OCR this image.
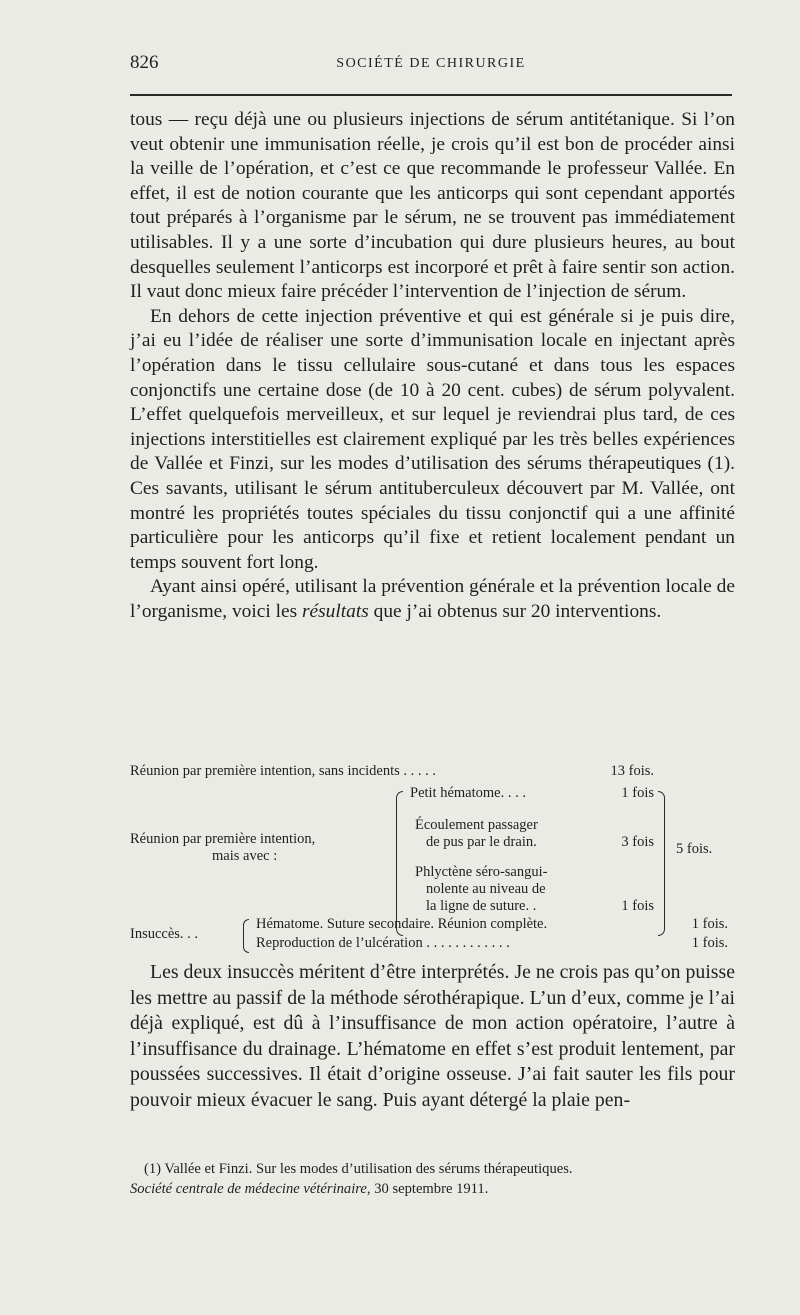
826	SOCIÉTÉ DE CHIRURGIE

tous — reçu déjà une ou plusieurs injections de sérum antitétanique. Si l’on veut obtenir une immunisation réelle, je crois qu’il est bon de procéder ainsi la veille de l’opération, et c’est ce que recommande le professeur Vallée. En effet, il est de notion courante que les anticorps qui sont cependant apportés tout préparés à l’organisme par le sérum, ne se trouvent pas immédiatement utilisables. Il y a une sorte d’incubation qui dure plusieurs heures, au bout desquelles seulement l’anticorps est incorporé et prêt à faire sentir son action. Il vaut donc mieux faire précéder l’intervention de l’injection de sérum.

En dehors de cette injection préventive et qui est générale si je puis dire, j’ai eu l’idée de réaliser une sorte d’immunisation locale en injectant après l’opération dans le tissu cellulaire sous-cutané et dans tous les espaces conjonctifs une certaine dose (de 10 à 20 cent. cubes) de sérum polyvalent. L’effet quelquefois merveilleux, et sur lequel je reviendrai plus tard, de ces injections interstitielles est clairement expliqué par les très belles expériences de Vallée et Finzi, sur les modes d’utilisation des sérums thérapeutiques (1). Ces savants, utilisant le sérum antituberculeux découvert par M. Vallée, ont montré les propriétés toutes spéciales du tissu conjonctif qui a une affinité particulière pour les anticorps qu’il fixe et retient localement pendant un temps souvent fort long.

Ayant ainsi opéré, utilisant la prévention générale et la prévention locale de l’organisme, voici les résultats que j’ai obtenus sur 20 interventions.

Réunion par première intention, sans incidents . . . . .	13 fois.
Réunion par première intention,
mais avec :
Petit hématome. . . .	1 fois
Écoulement passager
de pus par le drain.	3 fois
Phlyctène séro-sangui-
nolente au niveau de
la ligne de suture. .	1 fois
5 fois.
Insuccès. . .
Hématome. Suture secondaire. Réunion complète.	1 fois.
Reproduction de l’ulcération . . . . . . . . . . . .	1 fois.

Les deux insuccès méritent d’être interprétés. Je ne crois pas qu’on puisse les mettre au passif de la méthode sérothérapique. L’un d’eux, comme je l’ai déjà expliqué, est dû à l’insuffisance de mon action opératoire, l’autre à l’insuffisance du drainage. L’hématome en effet s’est produit lentement, par poussées successives. Il était d’origine osseuse. J’ai fait sauter les fils pour pouvoir mieux évacuer le sang. Puis ayant détergé la plaie pen-

(1) Vallée et Finzi. Sur les modes d’utilisation des sérums thérapeutiques.
Société centrale de médecine vétérinaire, 30 septembre 1911.
